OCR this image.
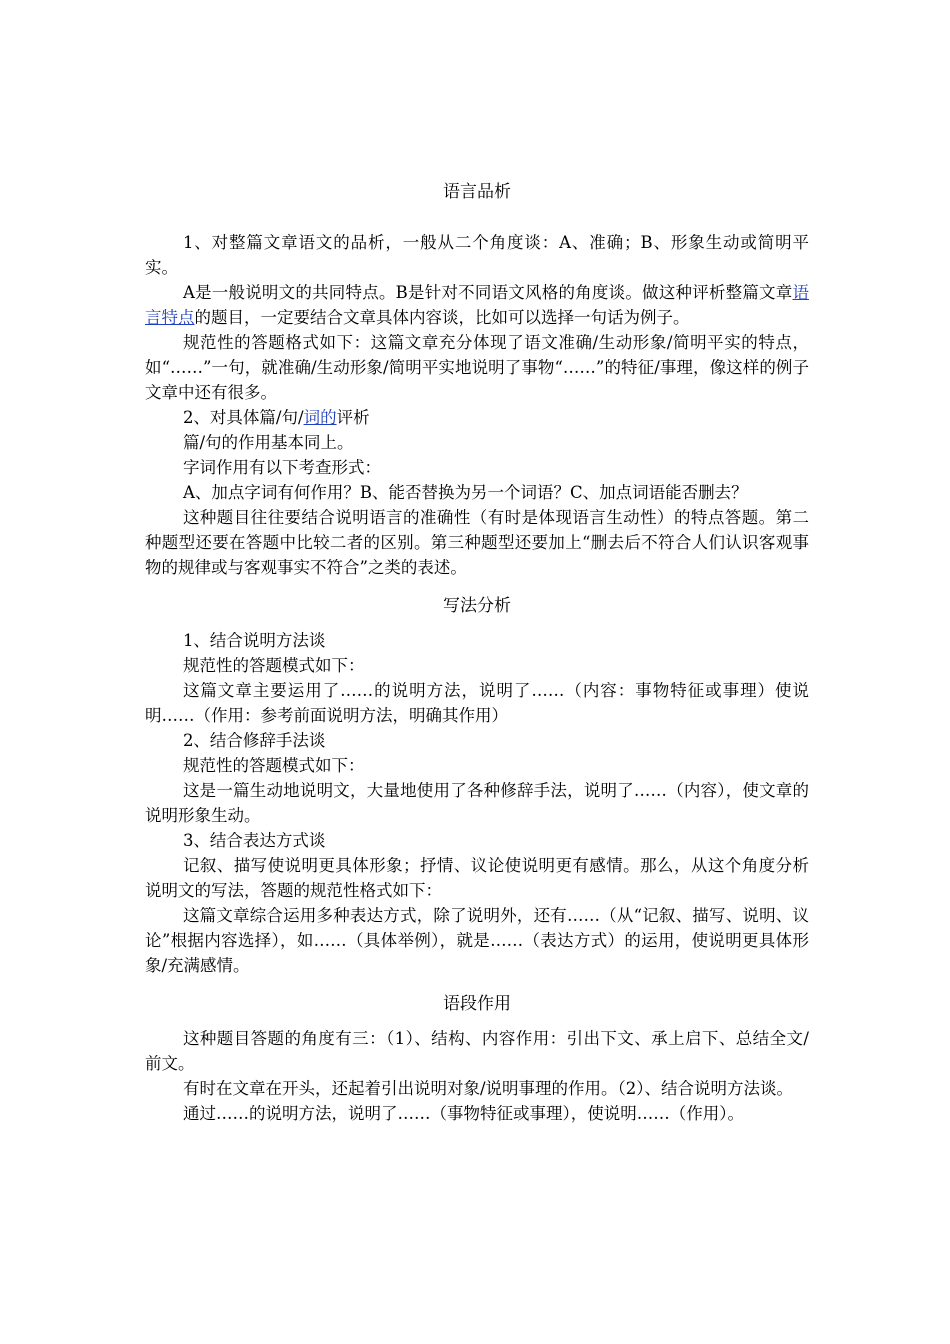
语言品析

1、对整篇文章语文的品析，一般从二个角度谈：A、准确；B、形象生动或简明平实。

A是一般说明文的共同特点。B是针对不同语文风格的角度谈。做这种评析整篇文章语言特点的题目，一定要结合文章具体内容谈，比如可以选择一句话为例子。

规范性的答题格式如下：这篇文章充分体现了语文准确/生动形象/简明平实的特点，如“……”一句，就准确/生动形象/简明平实地说明了事物“……”的特征/事理，像这样的例子文章中还有很多。

2、对具体篇/句/词的评析

篇/句的作用基本同上。

字词作用有以下考查形式：

A、加点字词有何作用？B、能否替换为另一个词语？C、加点词语能否删去？

这种题目往往要结合说明语言的准确性（有时是体现语言生动性）的特点答题。第二种题型还要在答题中比较二者的区别。第三种题型还要加上“删去后不符合人们认识客观事物的规律或与客观事实不符合”之类的表述。

写法分析

1、结合说明方法谈

规范性的答题模式如下：

这篇文章主要运用了……的说明方法，说明了……（内容：事物特征或事理）使说明……（作用：参考前面说明方法，明确其作用）

2、结合修辞手法谈

规范性的答题模式如下：

这是一篇生动地说明文，大量地使用了各种修辞手法，说明了……（内容），使文章的说明形象生动。

3、结合表达方式谈

记叙、描写使说明更具体形象；抒情、议论使说明更有感情。那么，从这个角度分析说明文的写法，答题的规范性格式如下：

这篇文章综合运用多种表达方式，除了说明外，还有……（从“记叙、描写、说明、议论”根据内容选择），如……（具体举例），就是……（表达方式）的运用，使说明更具体形象/充满感情。

语段作用

这种题目答题的角度有三：（1）、结构、内容作用：引出下文、承上启下、总结全文/前文。

有时在文章在开头，还起着引出说明对象/说明事理的作用。（2）、结合说明方法谈。

通过……的说明方法，说明了……（事物特征或事理），使说明……（作用）。
